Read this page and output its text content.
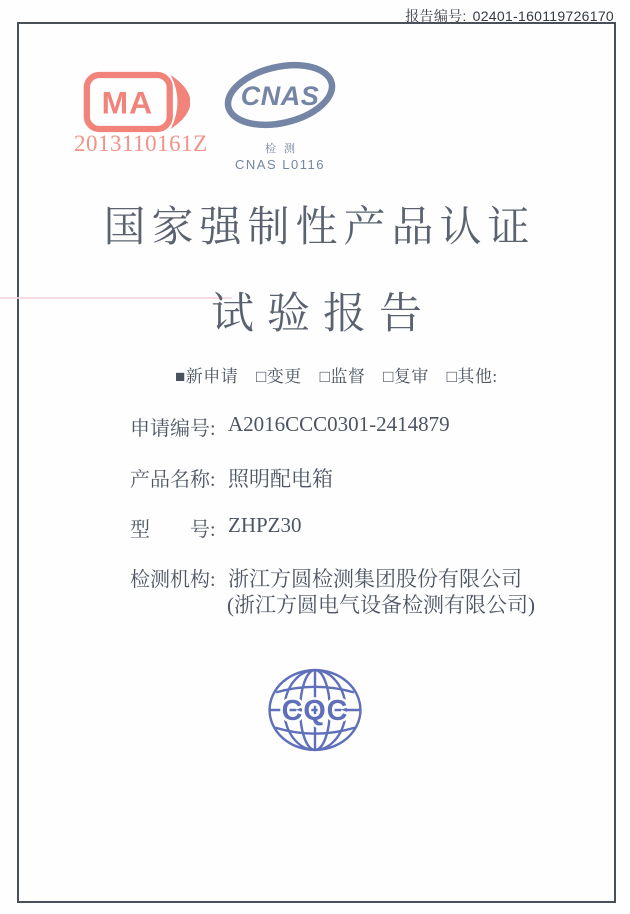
报告编号: 02401-160119726170
MA
2013110161Z
CNAS
检测
CNAS L0116
国家强制性产品认证
试验报告
■新申请 □变更 □监督 □复审 □其他:
申请编号: A2016CCC0301-2414879
产品名称: 照明配电箱
型　　号: ZHPZ30
检测机构: 浙江方圆检测集团股份有限公司
(浙江方圆电气设备检测有限公司)
CQC
